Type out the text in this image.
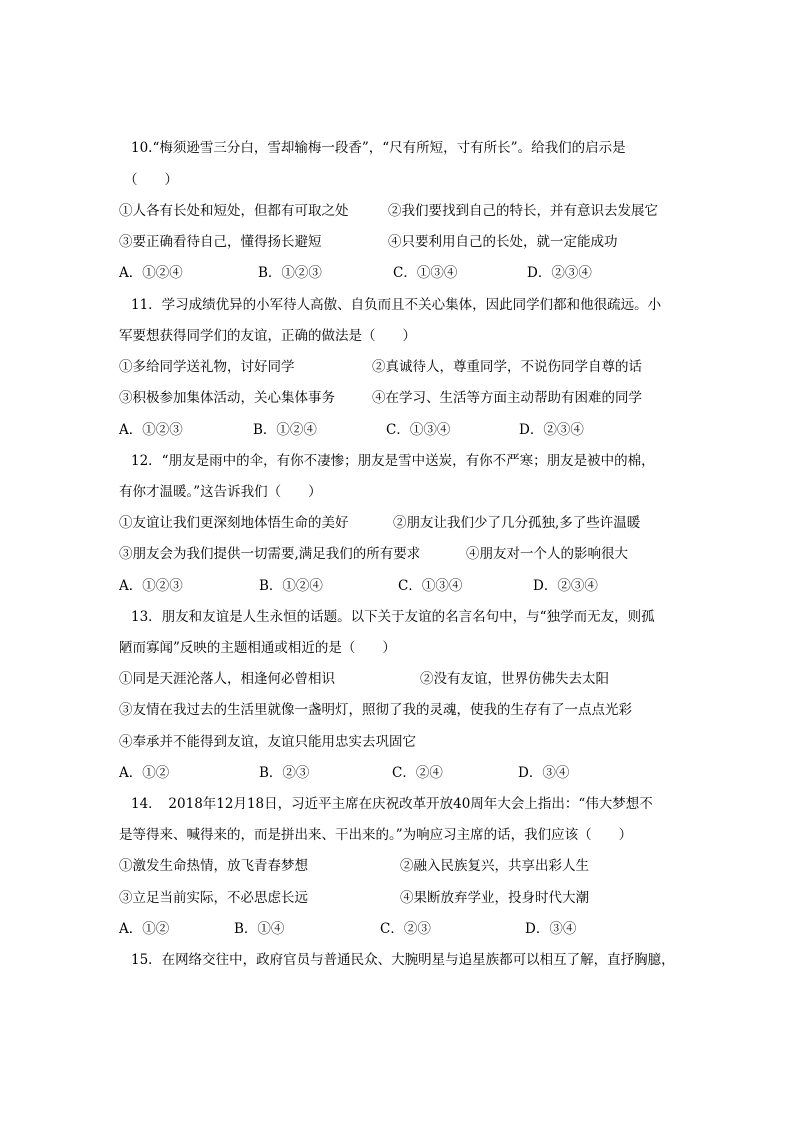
10.“梅须逊雪三分白，雪却输梅一段香”，“尺有所短，寸有所长”。给我们的启示是
（　　）
①人各有长处和短处，但都有可取之处	②我们要找到自己的特长，并有意识去发展它
③要正确看待自己，懂得扬长避短	④只要利用自己的长处，就一定能成功
A．①②④	B．①②③	C．①③④	D．②③④
11．学习成绩优异的小军待人高傲、自负而且不关心集体，因此同学们都和他很疏远。小
军要想获得同学们的友谊，正确的做法是（　　）
①多给同学送礼物，讨好同学	②真诚待人，尊重同学，不说伤同学自尊的话
③积极参加集体活动，关心集体事务	④在学习、生活等方面主动帮助有困难的同学
A．①②③	B．①②④	C．①③④	D．②③④
12．“朋友是雨中的伞，有你不凄惨；朋友是雪中送炭，有你不严寒；朋友是被中的棉，
有你才温暖。”这告诉我们（　　）
①友谊让我们更深刻地体悟生命的美好	②朋友让我们少了几分孤独,多了些许温暖
③朋友会为我们提供一切需要,满足我们的所有要求	④朋友对一个人的影响很大
A．①②③	B．①②④	C．①③④	D．②③④
13．朋友和友谊是人生永恒的话题。以下关于友谊的名言名句中，与“独学而无友，则孤
陋而寡闻”反映的主题相通或相近的是（　　）
①同是天涯沦落人，相逢何必曾相识	②没有友谊，世界仿佛失去太阳
③友情在我过去的生活里就像一盏明灯，照彻了我的灵魂，使我的生存有了一点点光彩
④奉承并不能得到友谊，友谊只能用忠实去巩固它
A．①②	B．②③	C．②④	D．③④
14．　2018年12月18日，习近平主席在庆祝改革开放40周年大会上指出：“伟大梦想不
是等得来、喊得来的，而是拼出来、干出来的。”为响应习主席的话，我们应该（　　）
①激发生命热情，放飞青春梦想	②融入民族复兴，共享出彩人生
③立足当前实际，不必思虑长远	④果断放弃学业，投身时代大潮
A．①②	B．①④	C．②③	D．③④
15．在网络交往中，政府官员与普通民众、大腕明星与追星族都可以相互了解，直抒胸臆，
